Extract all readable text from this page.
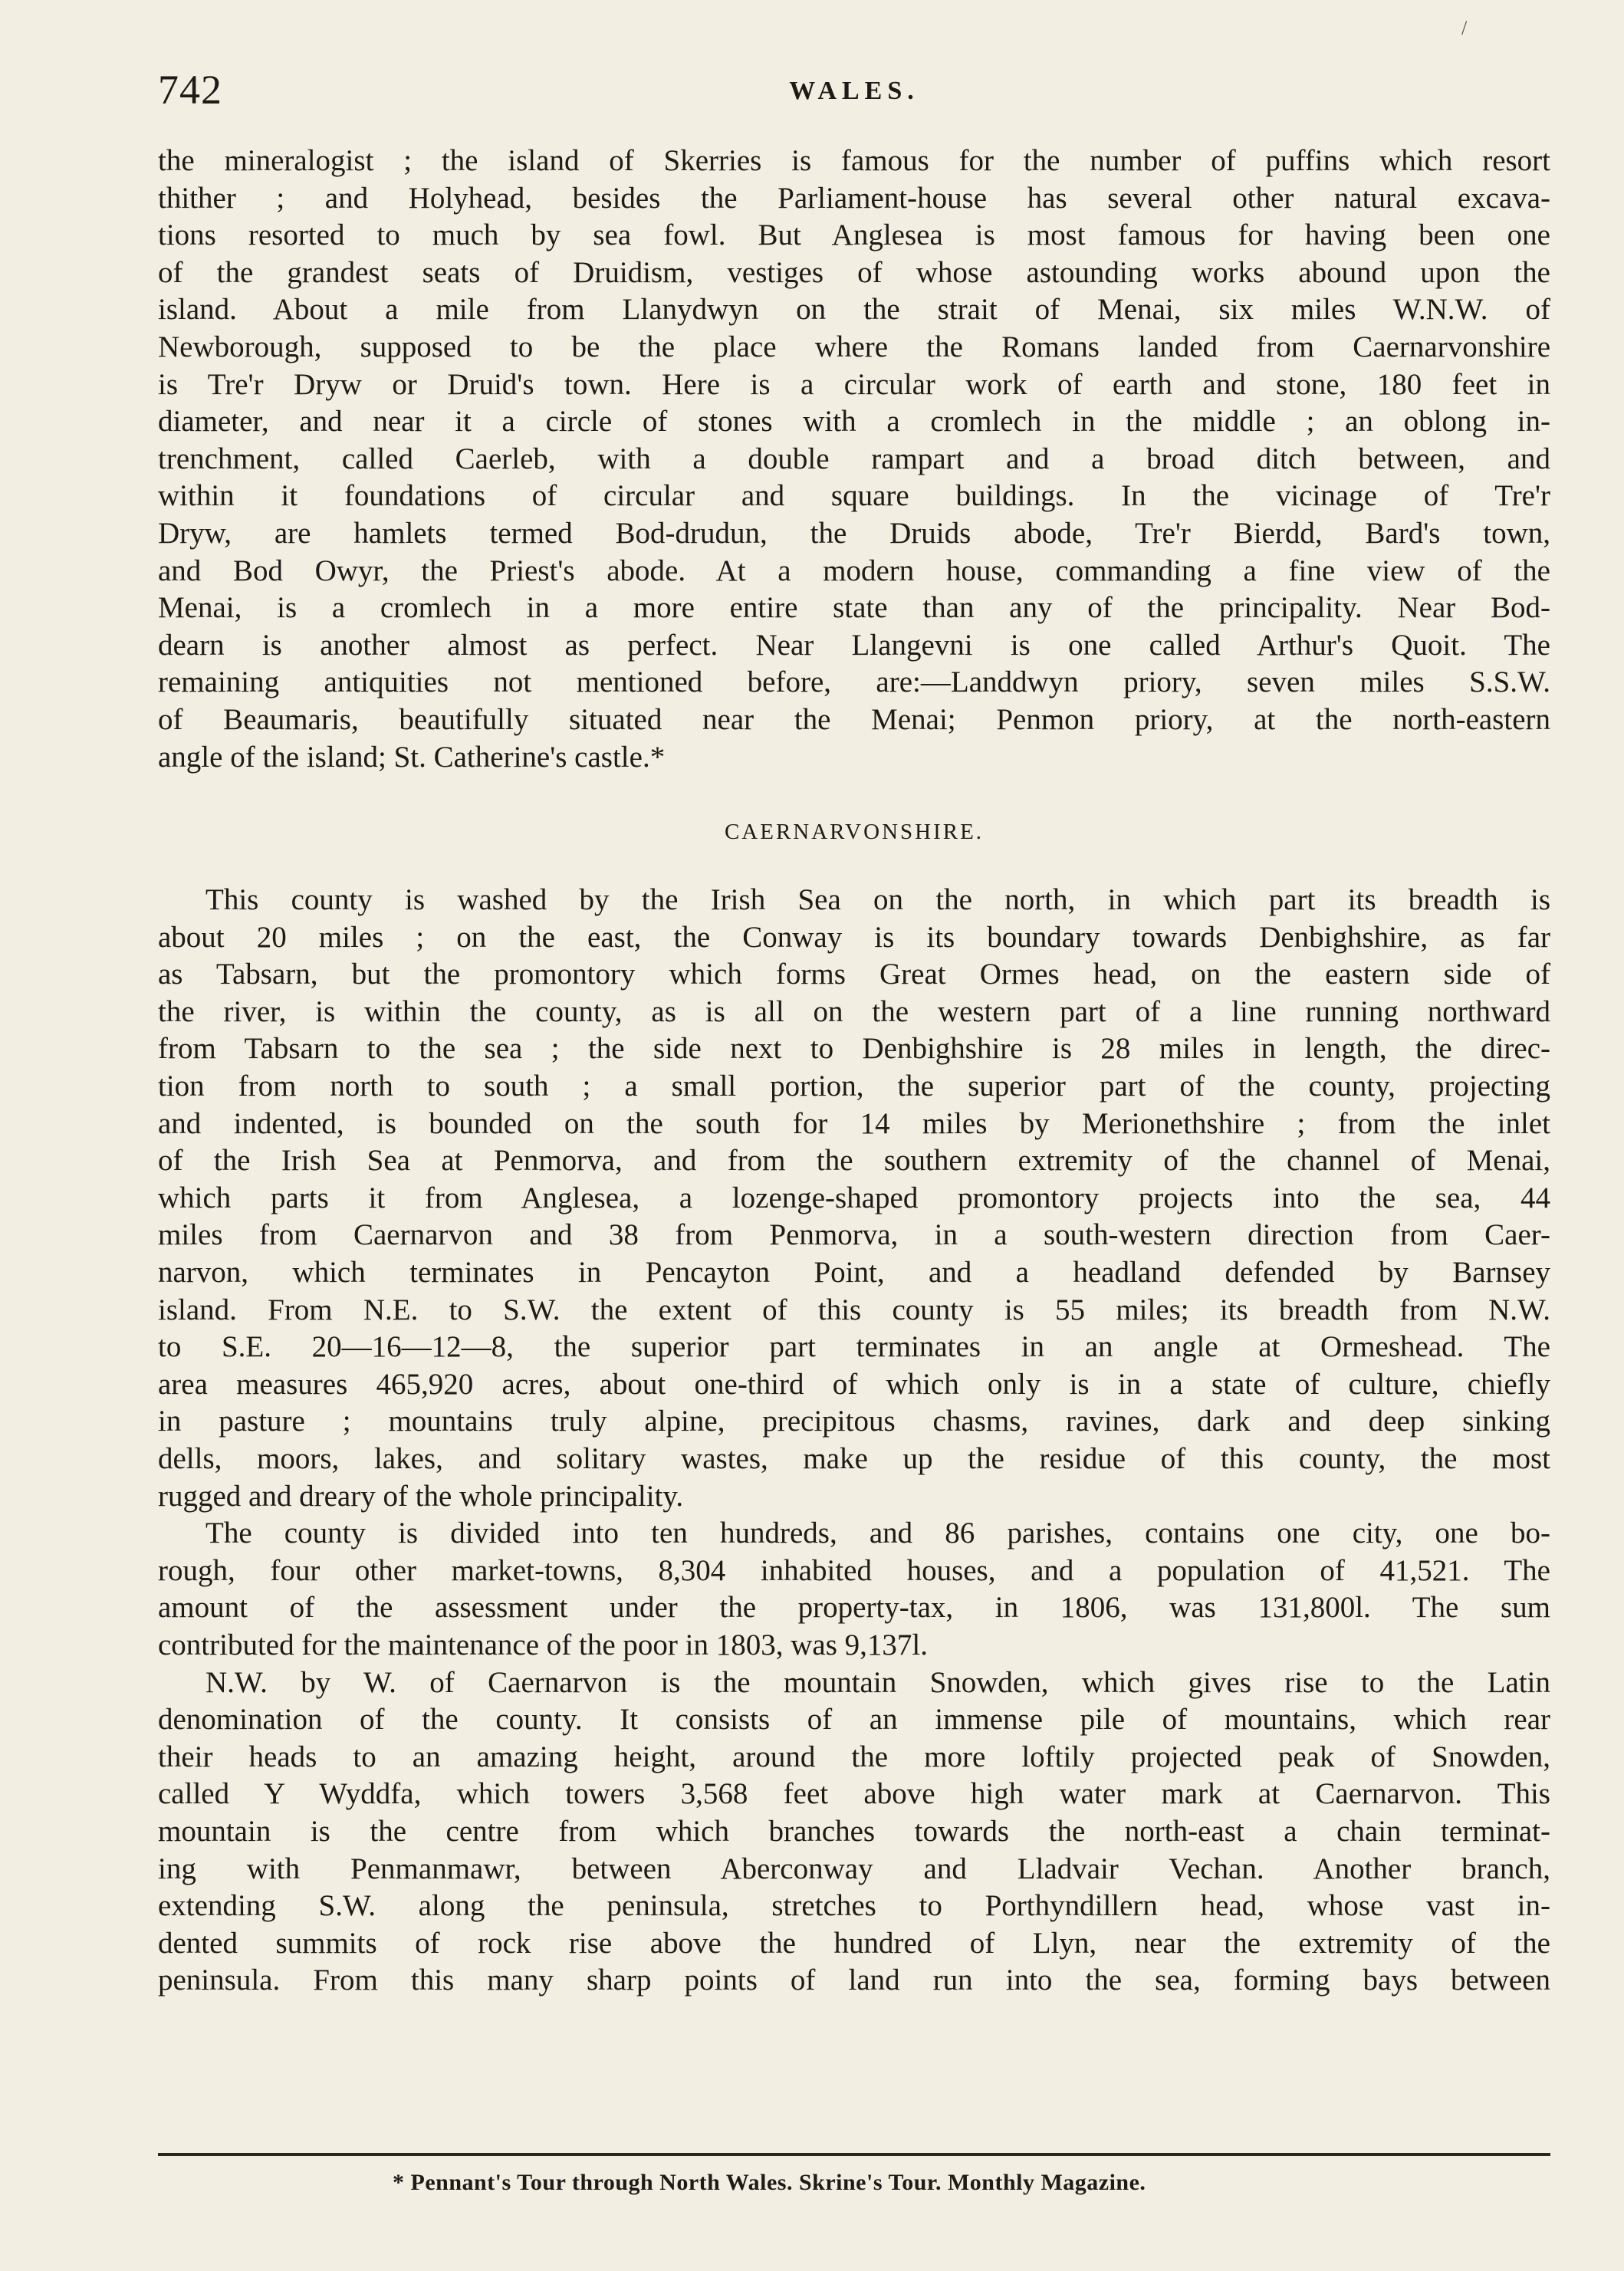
742	WALES.
/
the mineralogist ; the island of Skerries is famous for the number of puffins which resort
thither ; and Holyhead, besides the Parliament-house has several other natural excava-
tions resorted to much by sea fowl. But Anglesea is most famous for having been one
of the grandest seats of Druidism, vestiges of whose astounding works abound upon the
island. About a mile from Llanydwyn on the strait of Menai, six miles W.N.W. of
Newborough, supposed to be the place where the Romans landed from Caernarvonshire
is Tre'r Dryw or Druid's town. Here is a circular work of earth and stone, 180 feet in
diameter, and near it a circle of stones with a cromlech in the middle ; an oblong in-
trenchment, called Caerleb, with a double rampart and a broad ditch between, and
within it foundations of circular and square buildings. In the vicinage of Tre'r
Dryw, are hamlets termed Bod-drudun, the Druids abode, Tre'r Bierdd, Bard's town,
and Bod Owyr, the Priest's abode. At a modern house, commanding a fine view of the
Menai, is a cromlech in a more entire state than any of the principality. Near Bod-
dearn is another almost as perfect. Near Llangevni is one called Arthur's Quoit. The
remaining antiquities not mentioned before, are:—Landdwyn priory, seven miles S.S.W.
of Beaumaris, beautifully situated near the Menai; Penmon priory, at the north-eastern
angle of the island; St. Catherine's castle.*
CAERNARVONSHIRE.
This county is washed by the Irish Sea on the north, in which part its breadth is
about 20 miles ; on the east, the Conway is its boundary towards Denbighshire, as far
as Tabsarn, but the promontory which forms Great Ormes head, on the eastern side of
the river, is within the county, as is all on the western part of a line running northward
from Tabsarn to the sea ; the side next to Denbighshire is 28 miles in length, the direc-
tion from north to south ; a small portion, the superior part of the county, projecting
and indented, is bounded on the south for 14 miles by Merionethshire ; from the inlet
of the Irish Sea at Penmorva, and from the southern extremity of the channel of Menai,
which parts it from Anglesea, a lozenge-shaped promontory projects into the sea, 44
miles from Caernarvon and 38 from Penmorva, in a south-western direction from Caer-
narvon, which terminates in Pencayton Point, and a headland defended by Barnsey
island. From N.E. to S.W. the extent of this county is 55 miles; its breadth from N.W.
to S.E. 20—16—12—8, the superior part terminates in an angle at Ormeshead. The
area measures 465,920 acres, about one-third of which only is in a state of culture, chiefly
in pasture ; mountains truly alpine, precipitous chasms, ravines, dark and deep sinking
dells, moors, lakes, and solitary wastes, make up the residue of this county, the most
rugged and dreary of the whole principality.
The county is divided into ten hundreds, and 86 parishes, contains one city, one bo-
rough, four other market-towns, 8,304 inhabited houses, and a population of 41,521. The
amount of the assessment under the property-tax, in 1806, was 131,800l. The sum
contributed for the maintenance of the poor in 1803, was 9,137l.
N.W. by W. of Caernarvon is the mountain Snowden, which gives rise to the Latin
denomination of the county. It consists of an immense pile of mountains, which rear
their heads to an amazing height, around the more loftily projected peak of Snowden,
called Y Wyddfa, which towers 3,568 feet above high water mark at Caernarvon. This
mountain is the centre from which branches towards the north-east a chain terminat-
ing with Penmanmawr, between Aberconway and Lladvair Vechan. Another branch,
extending S.W. along the peninsula, stretches to Porthyndillern head, whose vast in-
dented summits of rock rise above the hundred of Llyn, near the extremity of the
peninsula. From this many sharp points of land run into the sea, forming bays between
* Pennant's Tour through North Wales. Skrine's Tour. Monthly Magazine.
